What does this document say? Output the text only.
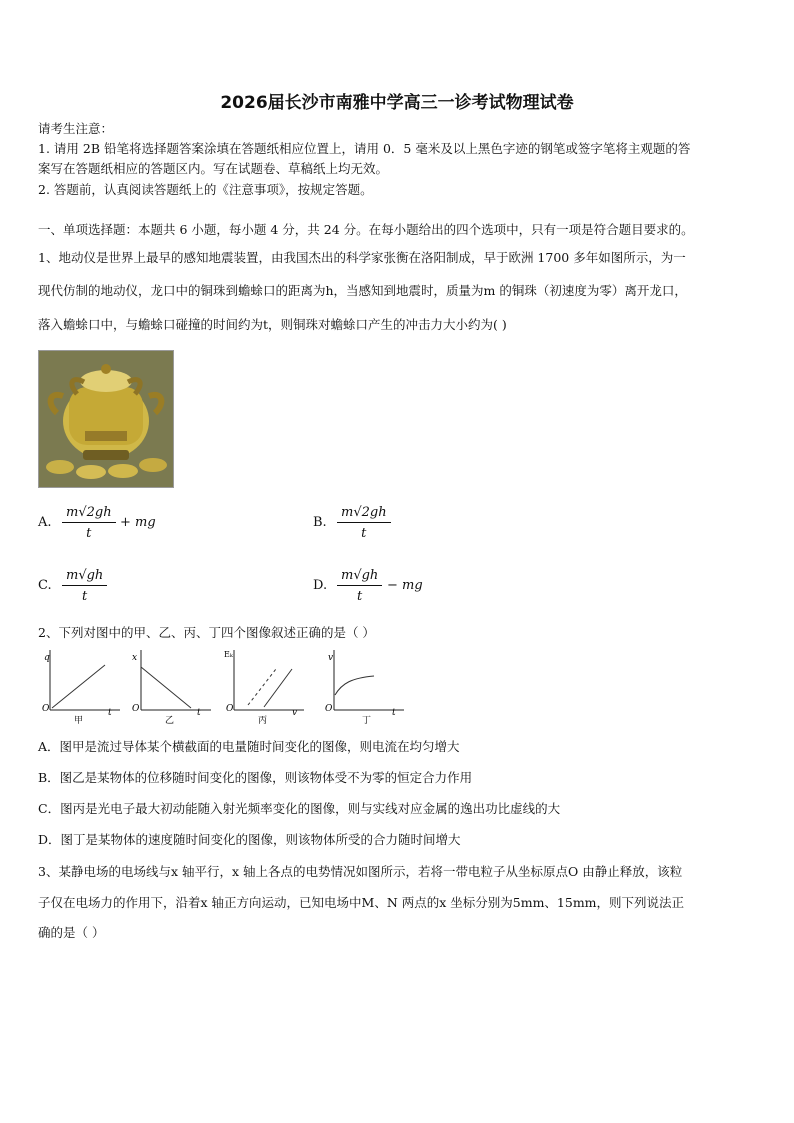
2026届长沙市南雅中学高三一诊考试物理试卷
请考生注意：
1. 请用 2B 铅笔将选择题答案涂填在答题纸相应位置上，请用 0．5 毫米及以上黑色字迹的钢笔或签字笔将主观题的答
案写在答题纸相应的答题区内。写在试题卷、草稿纸上均无效。
2. 答题前，认真阅读答题纸上的《注意事项》，按规定答题。
一、单项选择题：本题共 6 小题，每小题 4 分，共 24 分。在每小题给出的四个选项中，只有一项是符合题目要求的。
1、地动仪是世界上最早的感知地震装置，由我国杰出的科学家张衡在洛阳制成，早于欧洲 1700 多年如图所示，为一
现代仿制的地动仪，龙口中的铜珠到蟾蜍口的距离为h，当感知到地震时，质量为m 的铜珠（初速度为零）离开龙口，
落入蟾蜍口中，与蟾蜍口碰撞的时间约为t，则铜珠对蟾蜍口产生的冲击力大小约为( )
A. $\frac{m√2gh}{t}$ + mg	B. $\frac{m√2gh}{t}$
C. $\frac{m√gh}{t}$	D. $\frac{m√gh}{t}$ − mg
2、下列对图中的甲、乙、丙、丁四个图像叙述正确的是（ ）
q
t
O
甲
x
t
O
乙
Eₖ
v
O
丙
v
t
O
丁
A．图甲是流过导体某个横截面的电量随时间变化的图像，则电流在均匀增大
B．图乙是某物体的位移随时间变化的图像，则该物体受不为零的恒定合力作用
C．图丙是光电子最大初动能随入射光频率变化的图像，则与实线对应金属的逸出功比虚线的大
D．图丁是某物体的速度随时间变化的图像，则该物体所受的合力随时间增大
3、某静电场的电场线与x 轴平行，x 轴上各点的电势情况如图所示，若将一带电粒子从坐标原点O 由静止释放，该粒
子仅在电场力的作用下，沿着x 轴正方向运动，已知电场中M、N 两点的x 坐标分别为5mm、15mm，则下列说法正
确的是（ ）
